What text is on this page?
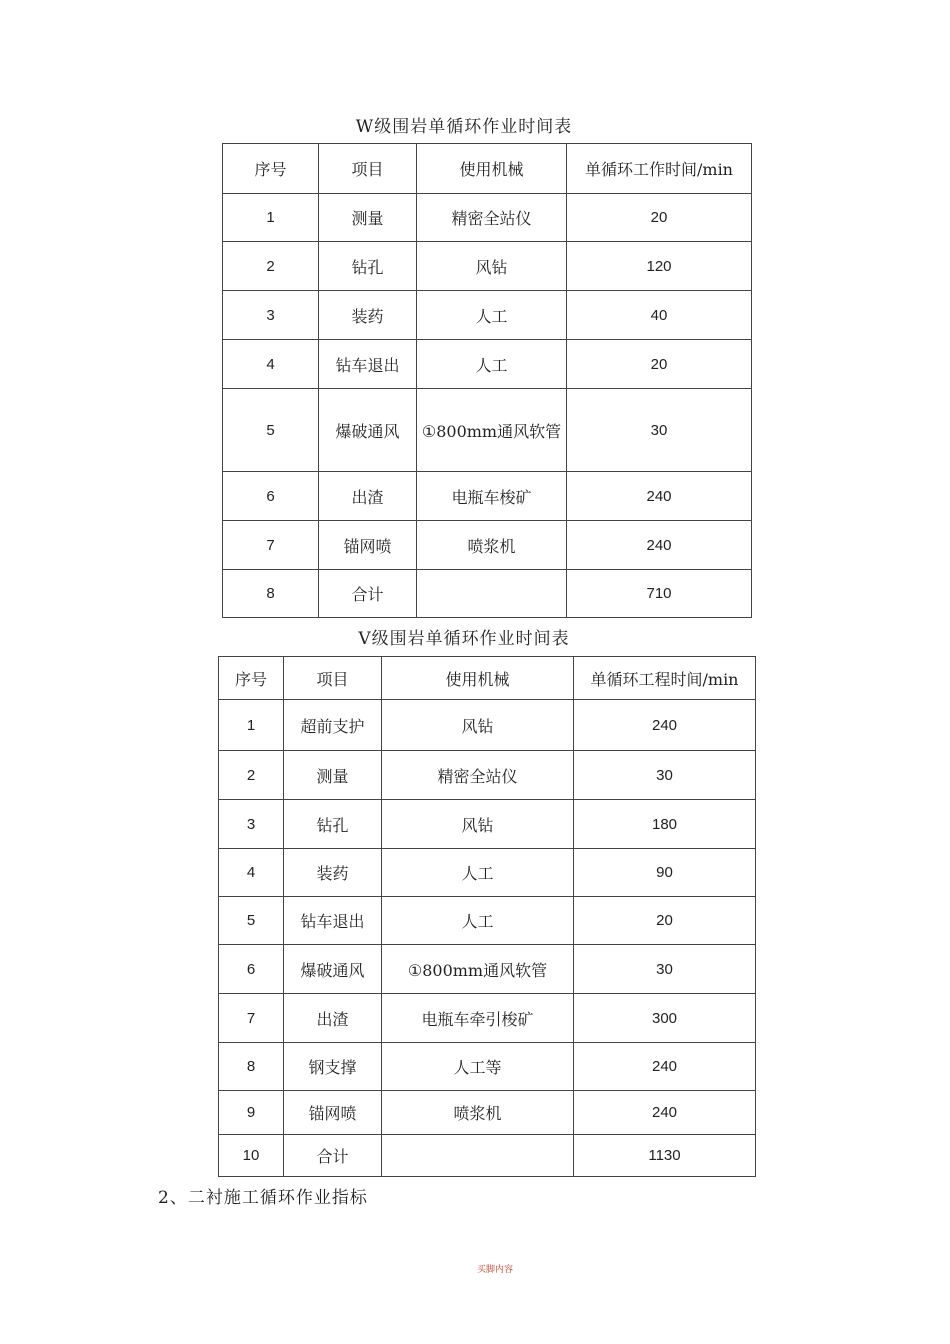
W级围岩单循环作业时间表
序号	项目	使用机械	单循环工作时间/min
1	测量	精密全站仪	20
2	钻孔	风钻	120
3	装药	人工	40
4	钻车退出	人工	20
5	爆破通风	①800mm通风软管	30
6	出渣	电瓶车梭矿	240
7	锚网喷	喷浆机	240
8	合计		710
V级围岩单循环作业时间表
序号	项目	使用机械	单循环工程时间/min
1	超前支护	风钻	240
2	测量	精密全站仪	30
3	钻孔	风钻	180
4	装药	人工	90
5	钻车退出	人工	20
6	爆破通风	①800mm通风软管	30
7	出渣	电瓶车牵引梭矿	300
8	钢支撑	人工等	240
9	锚网喷	喷浆机	240
10	合计		1130
2、二衬施工循环作业指标
买脚内容
